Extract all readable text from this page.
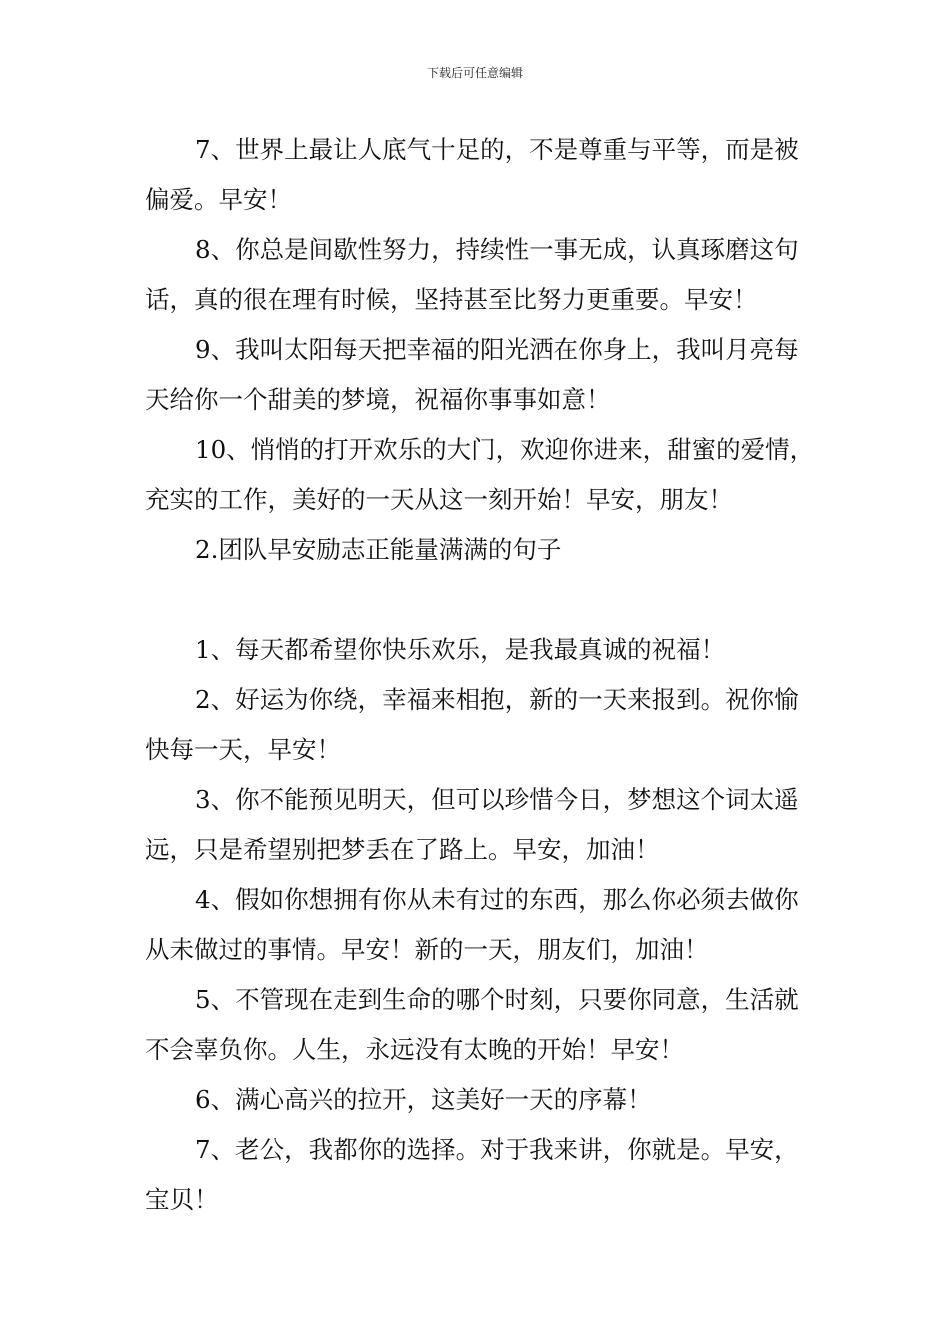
下载后可任意编辑

7、世界上最让人底气十足的，不是尊重与平等，而是被偏爱。早安！

8、你总是间歇性努力，持续性一事无成，认真琢磨这句话，真的很在理有时候，坚持甚至比努力更重要。早安！

9、我叫太阳每天把幸福的阳光洒在你身上，我叫月亮每天给你一个甜美的梦境，祝福你事事如意！

10、悄悄的打开欢乐的大门，欢迎你进来，甜蜜的爱情，充实的工作，美好的一天从这一刻开始！早安，朋友！

2.团队早安励志正能量满满的句子

1、每天都希望你快乐欢乐，是我最真诚的祝福！

2、好运为你绕，幸福来相抱，新的一天来报到。祝你愉快每一天，早安！

3、你不能预见明天，但可以珍惜今日，梦想这个词太遥远，只是希望别把梦丢在了路上。早安，加油！

4、假如你想拥有你从未有过的东西，那么你必须去做你从未做过的事情。早安！新的一天，朋友们，加油！

5、不管现在走到生命的哪个时刻，只要你同意，生活就不会辜负你。人生，永远没有太晚的开始！早安！

6、满心高兴的拉开，这美好一天的序幕！

7、老公，我都你的选择。对于我来讲，你就是。早安，宝贝！
